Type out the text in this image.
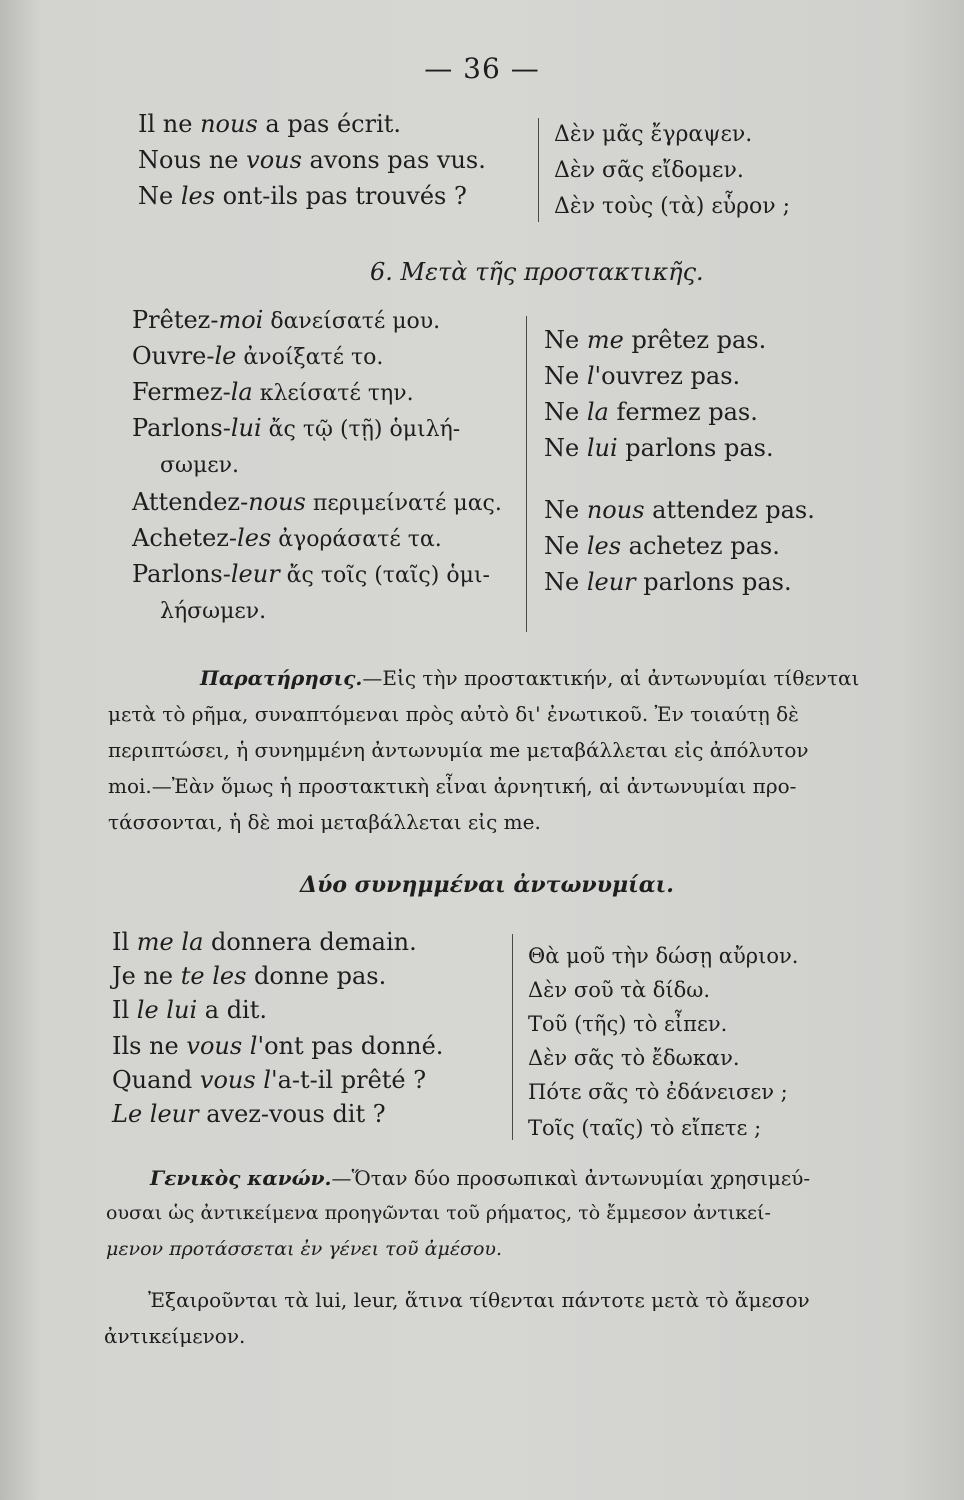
— 36 —
Il ne nous a pas écrit.
Nous ne vous avons pas vus.
Ne les ont-ils pas trouvés ?
Δὲν μᾶς ἔγραψεν.
Δὲν σᾶς εἴδομεν.
Δὲν τοὺς (τὰ) εὗρον ;
6. Μετὰ τῆς προστακτικῆς.
Prêtez-moi δανείσατέ μου.
Ouvre-le ἀνοίξατέ το.
Fermez-la κλείσατέ την.
Parlons-lui ἄς τῷ (τῇ) ὁμιλή-
σωμεν.
Attendez-nous περιμείνατέ μας.
Achetez-les ἀγοράσατέ τα.
Parlons-leur ἄς τοῖς (ταῖς) ὁμι-
λήσωμεν.
Ne me prêtez pas.
Ne l'ouvrez pas.
Ne la fermez pas.
Ne lui parlons pas.
Ne nous attendez pas.
Ne les achetez pas.
Ne leur parlons pas.
Παρατήρησις.—Εἰς τὴν προστακτικήν, αἱ ἀντωνυμίαι τίθενται
μετὰ τὸ ρῆμα, συναπτόμεναι πρὸς αὐτὸ δι' ἐνωτικοῦ. Ἐν τοιαύτῃ δὲ
περιπτώσει, ἡ συνημμένη ἀντωνυμία me μεταβάλλεται εἰς ἀπόλυτον
moi.—Ἐὰν ὅμως ἡ προστακτικὴ εἶναι ἀρνητική, αἱ ἀντωνυμίαι προ-
τάσσονται, ἡ δὲ moi μεταβάλλεται εἰς me.
Δύο συνημμέναι ἀντωνυμίαι.
Il me la donnera demain.
Je ne te les donne pas.
Il le lui a dit.
Ils ne vous l'ont pas donné.
Quand vous l'a-t-il prêté ?
Le leur avez-vous dit ?
Θὰ μοῦ τὴν δώσῃ αὔριον.
Δὲν σοῦ τὰ δίδω.
Τοῦ (τῆς) τὸ εἶπεν.
Δὲν σᾶς τὸ ἔδωκαν.
Πότε σᾶς τὸ ἐδάνεισεν ;
Τοῖς (ταῖς) τὸ εἴπετε ;
Γενικὸς κανών.—Ὅταν δύο προσωπικαὶ ἀντωνυμίαι χρησιμεύ-
ουσαι ὡς ἀντικείμενα προηγῶνται τοῦ ρήματος, τὸ ἔμμεσον ἀντικεί-
μενον προτάσσεται ἐν γένει τοῦ ἀμέσου.
Ἐξαιροῦνται τὰ lui, leur, ἅτινα τίθενται πάντοτε μετὰ τὸ ἄμεσον
ἀντικείμενον.
